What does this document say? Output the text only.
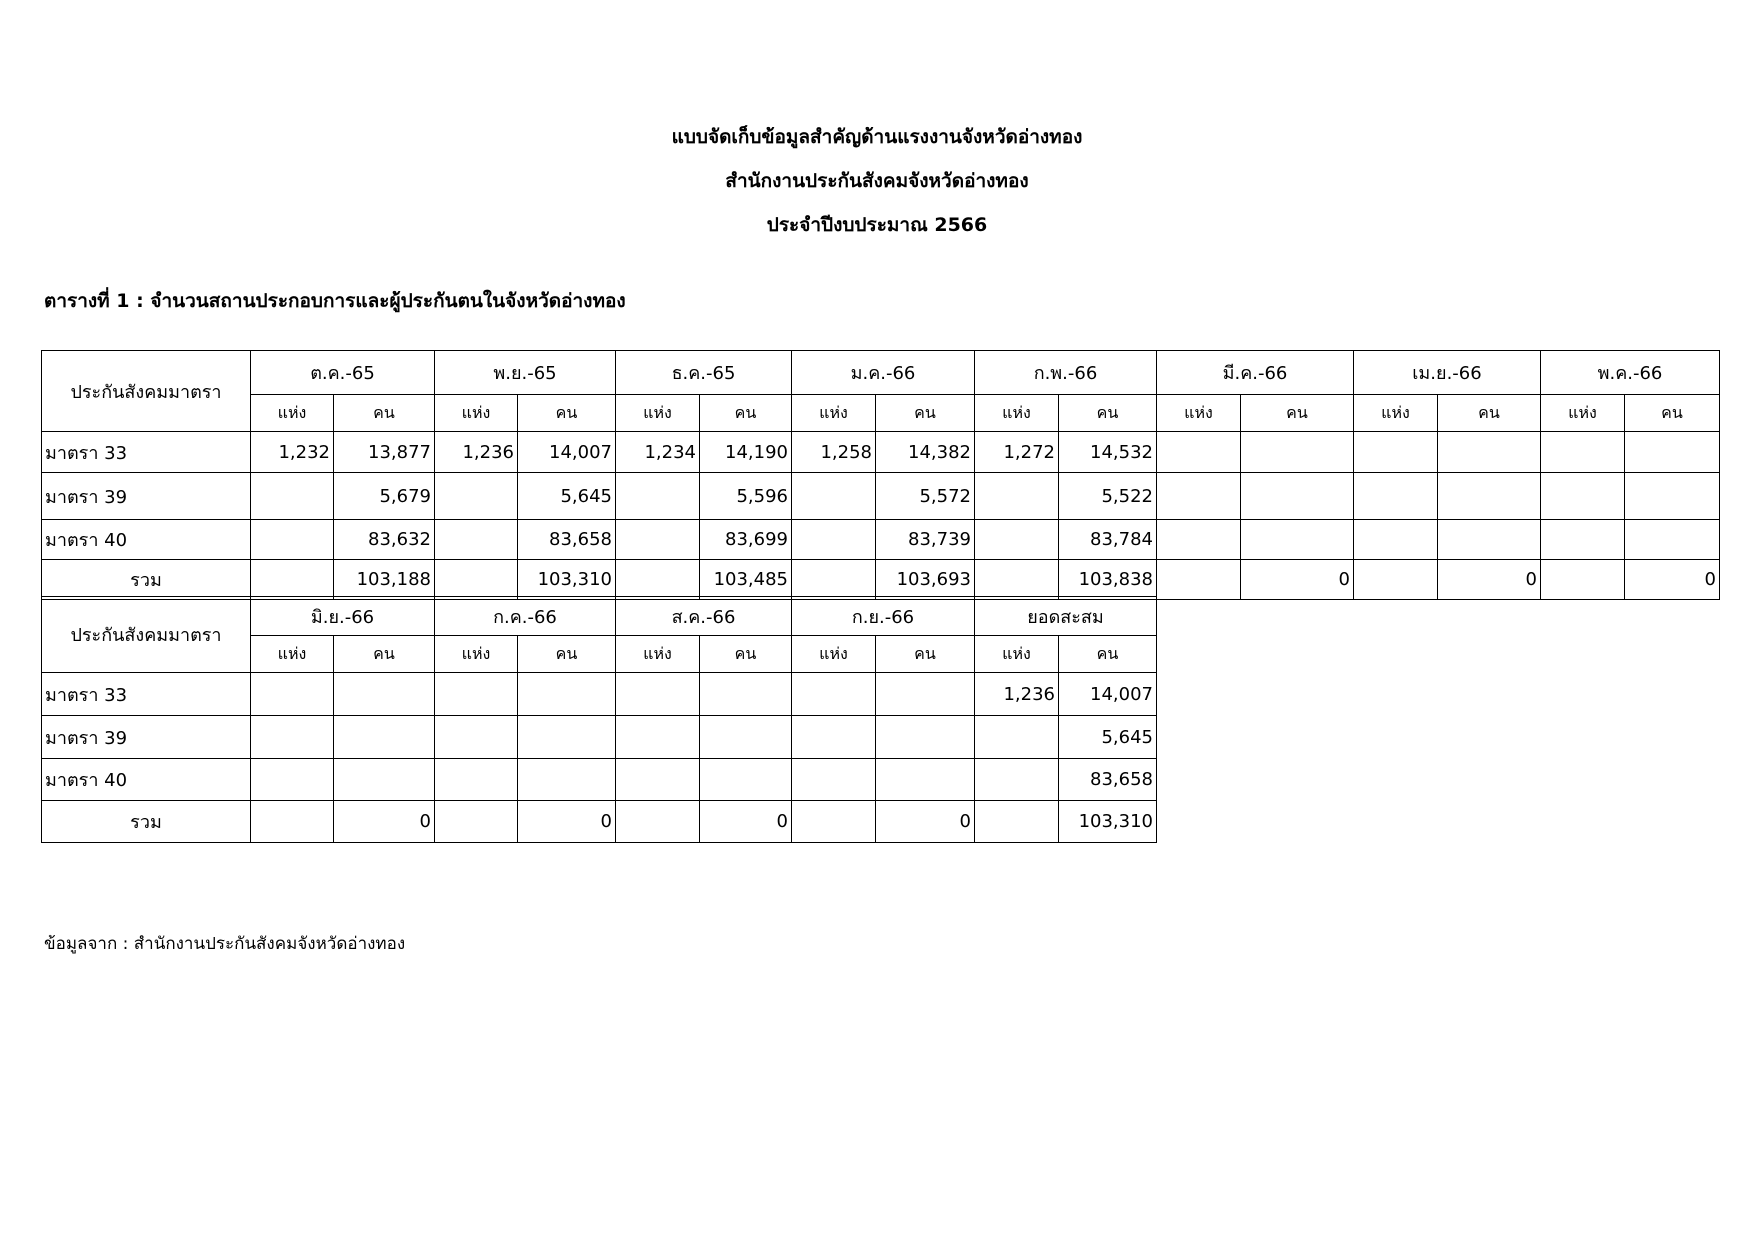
แบบจัดเก็บข้อมูลสำคัญด้านแรงงานจังหวัดอ่างทอง
สำนักงานประกันสังคมจังหวัดอ่างทอง
ประจำปีงบประมาณ 2566
ตารางที่ 1 : จำนวนสถานประกอบการและผู้ประกันตนในจังหวัดอ่างทอง
ประกันสังคมมาตรา	ต.ค.-65		พ.ย.-65		ธ.ค.-65		ม.ค.-66		ก.พ.-66		มี.ค.-66		เม.ย.-66		พ.ค.-66	
	แห่ง	คน	แห่ง	คน	แห่ง	คน	แห่ง	คน	แห่ง	คน	แห่ง	คน	แห่ง	คน	แห่ง	คน
มาตรา 33	1,232	13,877	1,236	14,007	1,234	14,190	1,258	14,382	1,272	14,532						
มาตรา 39		5,679		5,645		5,596		5,572		5,522						
มาตรา 40		83,632		83,658		83,699		83,739		83,784						
รวม		103,188		103,310		103,485		103,693		103,838		0		0		0
ประกันสังคมมาตรา	มิ.ย.-66		ก.ค.-66		ส.ค.-66		ก.ย.-66		ยอดสะสม	
	แห่ง	คน	แห่ง	คน	แห่ง	คน	แห่ง	คน	แห่ง	คน
มาตรา 33									1,236	14,007
มาตรา 39										5,645
มาตรา 40										83,658
รวม		0		0		0		0		103,310
ข้อมูลจาก : สำนักงานประกันสังคมจังหวัดอ่างทอง
